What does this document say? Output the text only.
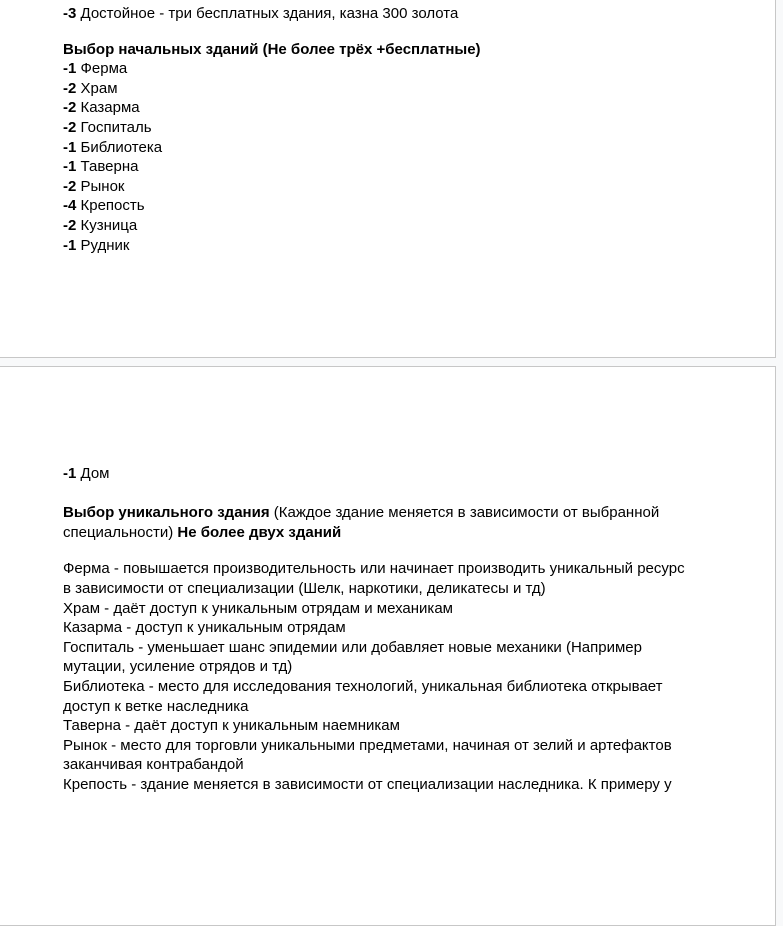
-3 Достойное - три бесплатных здания, казна 300 золота
Выбор начальных зданий (Не более трёх +бесплатные)
-1 Ферма
-2 Храм
-2 Казарма
-2 Госпиталь
-1 Библиотека
-1 Таверна
-2 Рынок
-4 Крепость
-2 Кузница
-1 Рудник
-1 Дом
Выбор уникального здания (Каждое здание меняется в зависимости от выбранной специальности) Не более двух зданий
Ферма - повышается производительность или начинает производить уникальный ресурс в зависимости от специализации (Шелк, наркотики, деликатесы и тд)
Храм - даёт доступ к уникальным отрядам и механикам
Казарма - доступ к уникальным отрядам
Госпиталь - уменьшает шанс эпидемии или добавляет новые механики (Например мутации, усиление отрядов и тд)
Библиотека - место для исследования технологий, уникальная библиотека открывает доступ к ветке наследника
Таверна - даёт доступ к уникальным наемникам
Рынок - место для торговли уникальными предметами, начиная от зелий и артефактов заканчивая контрабандой
Крепость - здание меняется в зависимости от специализации наследника. К примеру у
